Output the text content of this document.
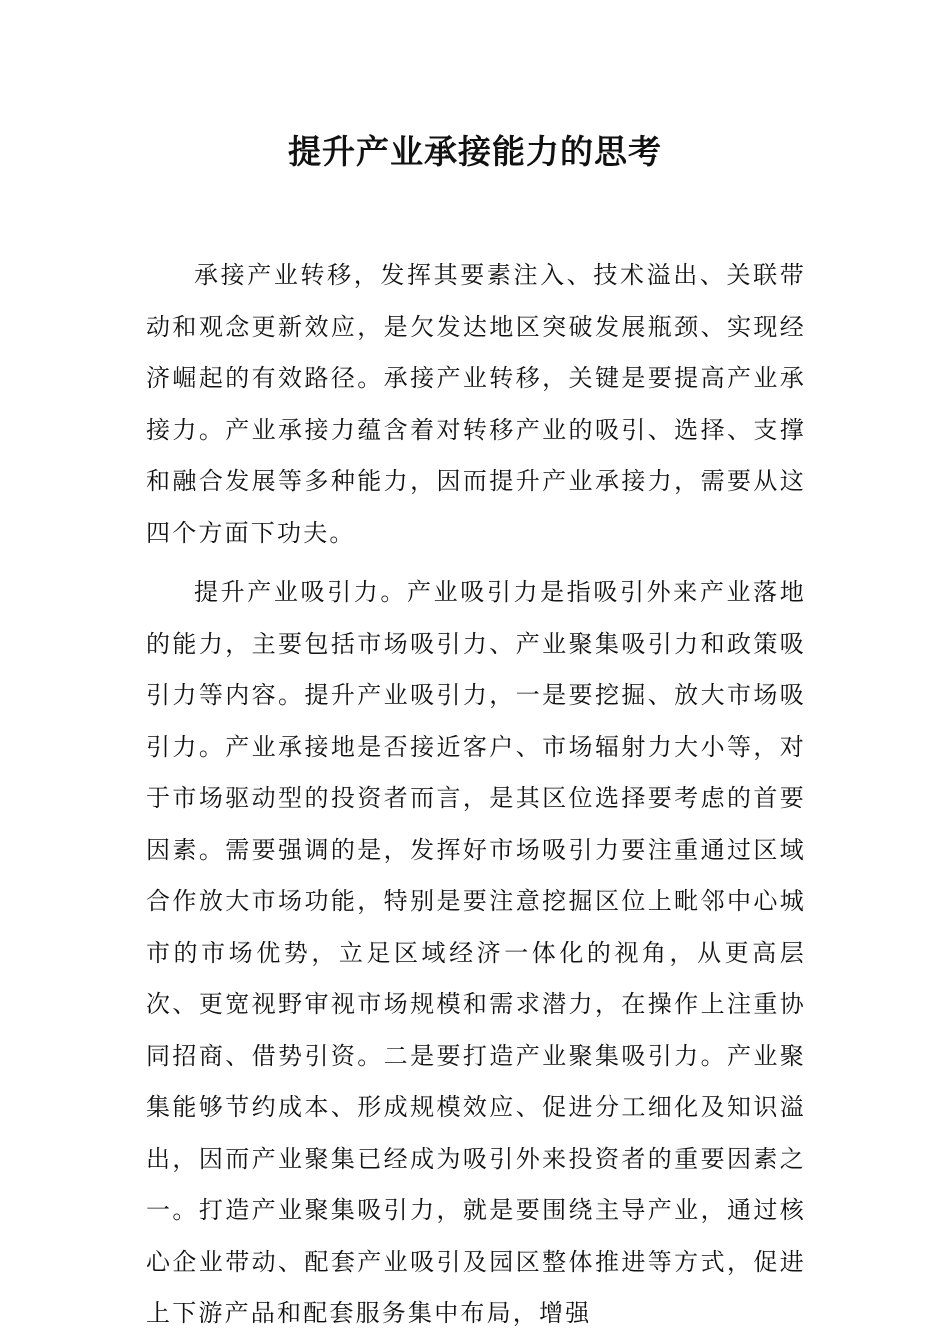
提升产业承接能力的思考

承接产业转移，发挥其要素注入、技术溢出、关联带动和观念更新效应，是欠发达地区突破发展瓶颈、实现经济崛起的有效路径。承接产业转移，关键是要提高产业承接力。产业承接力蕴含着对转移产业的吸引、选择、支撑和融合发展等多种能力，因而提升产业承接力，需要从这四个方面下功夫。

提升产业吸引力。产业吸引力是指吸引外来产业落地的能力，主要包括市场吸引力、产业聚集吸引力和政策吸引力等内容。提升产业吸引力，一是要挖掘、放大市场吸引力。产业承接地是否接近客户、市场辐射力大小等，对于市场驱动型的投资者而言，是其区位选择要考虑的首要因素。需要强调的是，发挥好市场吸引力要注重通过区域合作放大市场功能，特别是要注意挖掘区位上毗邻中心城市的市场优势，立足区域经济一体化的视角，从更高层次、更宽视野审视市场规模和需求潜力，在操作上注重协同招商、借势引资。二是要打造产业聚集吸引力。产业聚集能够节约成本、形成规模效应、促进分工细化及知识溢出，因而产业聚集已经成为吸引外来投资者的重要因素之一。打造产业聚集吸引力，就是要围绕主导产业，通过核心企业带动、配套产业吸引及园区整体推进等方式，促进上下游产品和配套服务集中布局，增强
